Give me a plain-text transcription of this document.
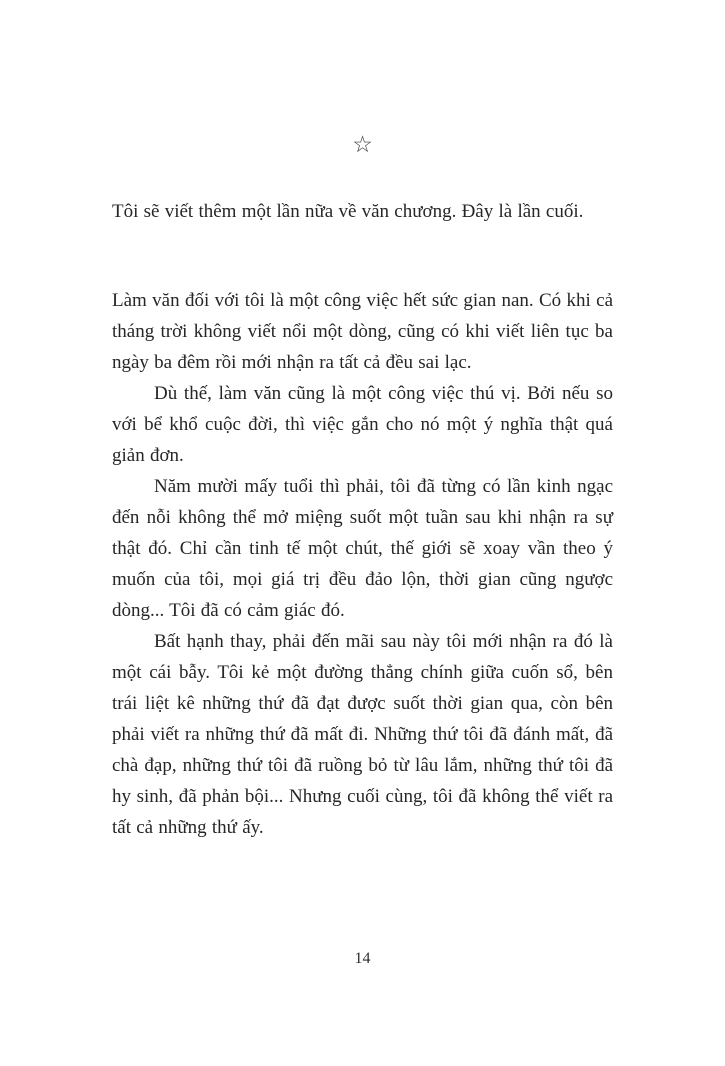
☆

Tôi sẽ viết thêm một lần nữa về văn chương. Đây là lần cuối.

Làm văn đối với tôi là một công việc hết sức gian nan. Có khi cả tháng trời không viết nổi một dòng, cũng có khi viết liên tục ba ngày ba đêm rồi mới nhận ra tất cả đều sai lạc.

Dù thế, làm văn cũng là một công việc thú vị. Bởi nếu so với bể khổ cuộc đời, thì việc gắn cho nó một ý nghĩa thật quá giản đơn.

Năm mười mấy tuổi thì phải, tôi đã từng có lần kinh ngạc đến nỗi không thể mở miệng suốt một tuần sau khi nhận ra sự thật đó. Chỉ cần tinh tế một chút, thế giới sẽ xoay vần theo ý muốn của tôi, mọi giá trị đều đảo lộn, thời gian cũng ngược dòng... Tôi đã có cảm giác đó.

Bất hạnh thay, phải đến mãi sau này tôi mới nhận ra đó là một cái bẫy. Tôi kẻ một đường thẳng chính giữa cuốn sổ, bên trái liệt kê những thứ đã đạt được suốt thời gian qua, còn bên phải viết ra những thứ đã mất đi. Những thứ tôi đã đánh mất, đã chà đạp, những thứ tôi đã ruồng bỏ từ lâu lắm, những thứ tôi đã hy sinh, đã phản bội... Nhưng cuối cùng, tôi đã không thể viết ra tất cả những thứ ấy.

14
